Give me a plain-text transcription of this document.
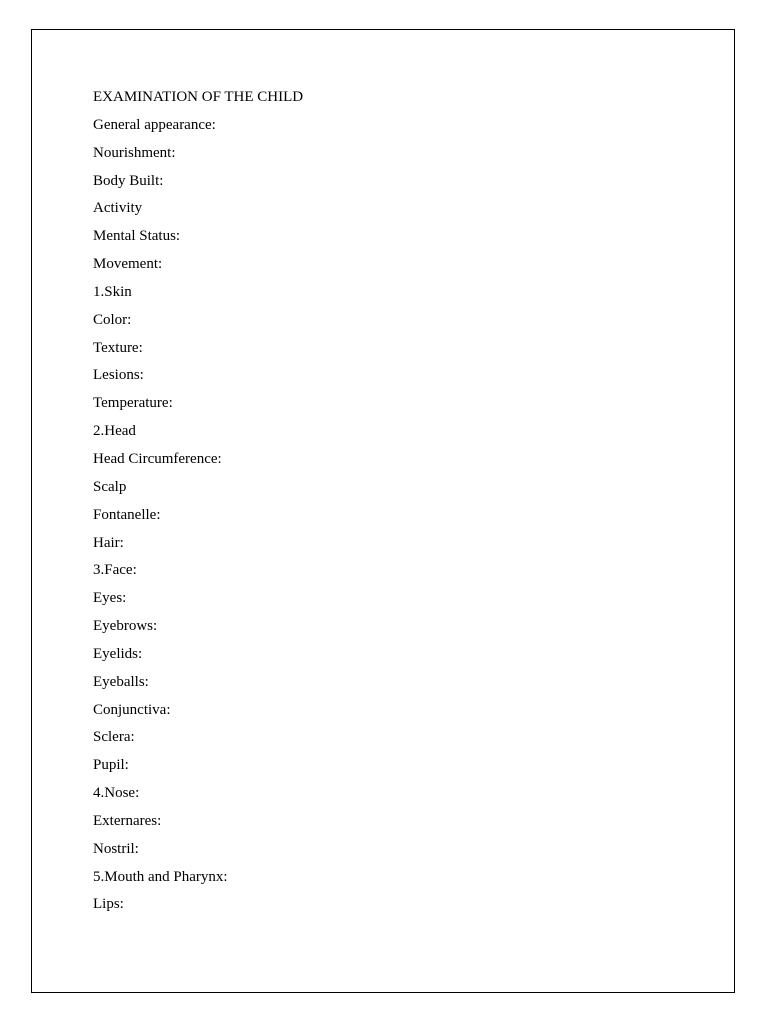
EXAMINATION OF THE CHILD
General appearance:
Nourishment:
Body Built:
Activity
Mental Status:
Movement:
1.Skin
Color:
Texture:
Lesions:
Temperature:
2.Head
Head Circumference:
Scalp
Fontanelle:
Hair:
3.Face:
Eyes:
Eyebrows:
Eyelids:
Eyeballs:
Conjunctiva:
Sclera:
Pupil:
4.Nose:
Externares:
Nostril:
5.Mouth and Pharynx:
Lips:
